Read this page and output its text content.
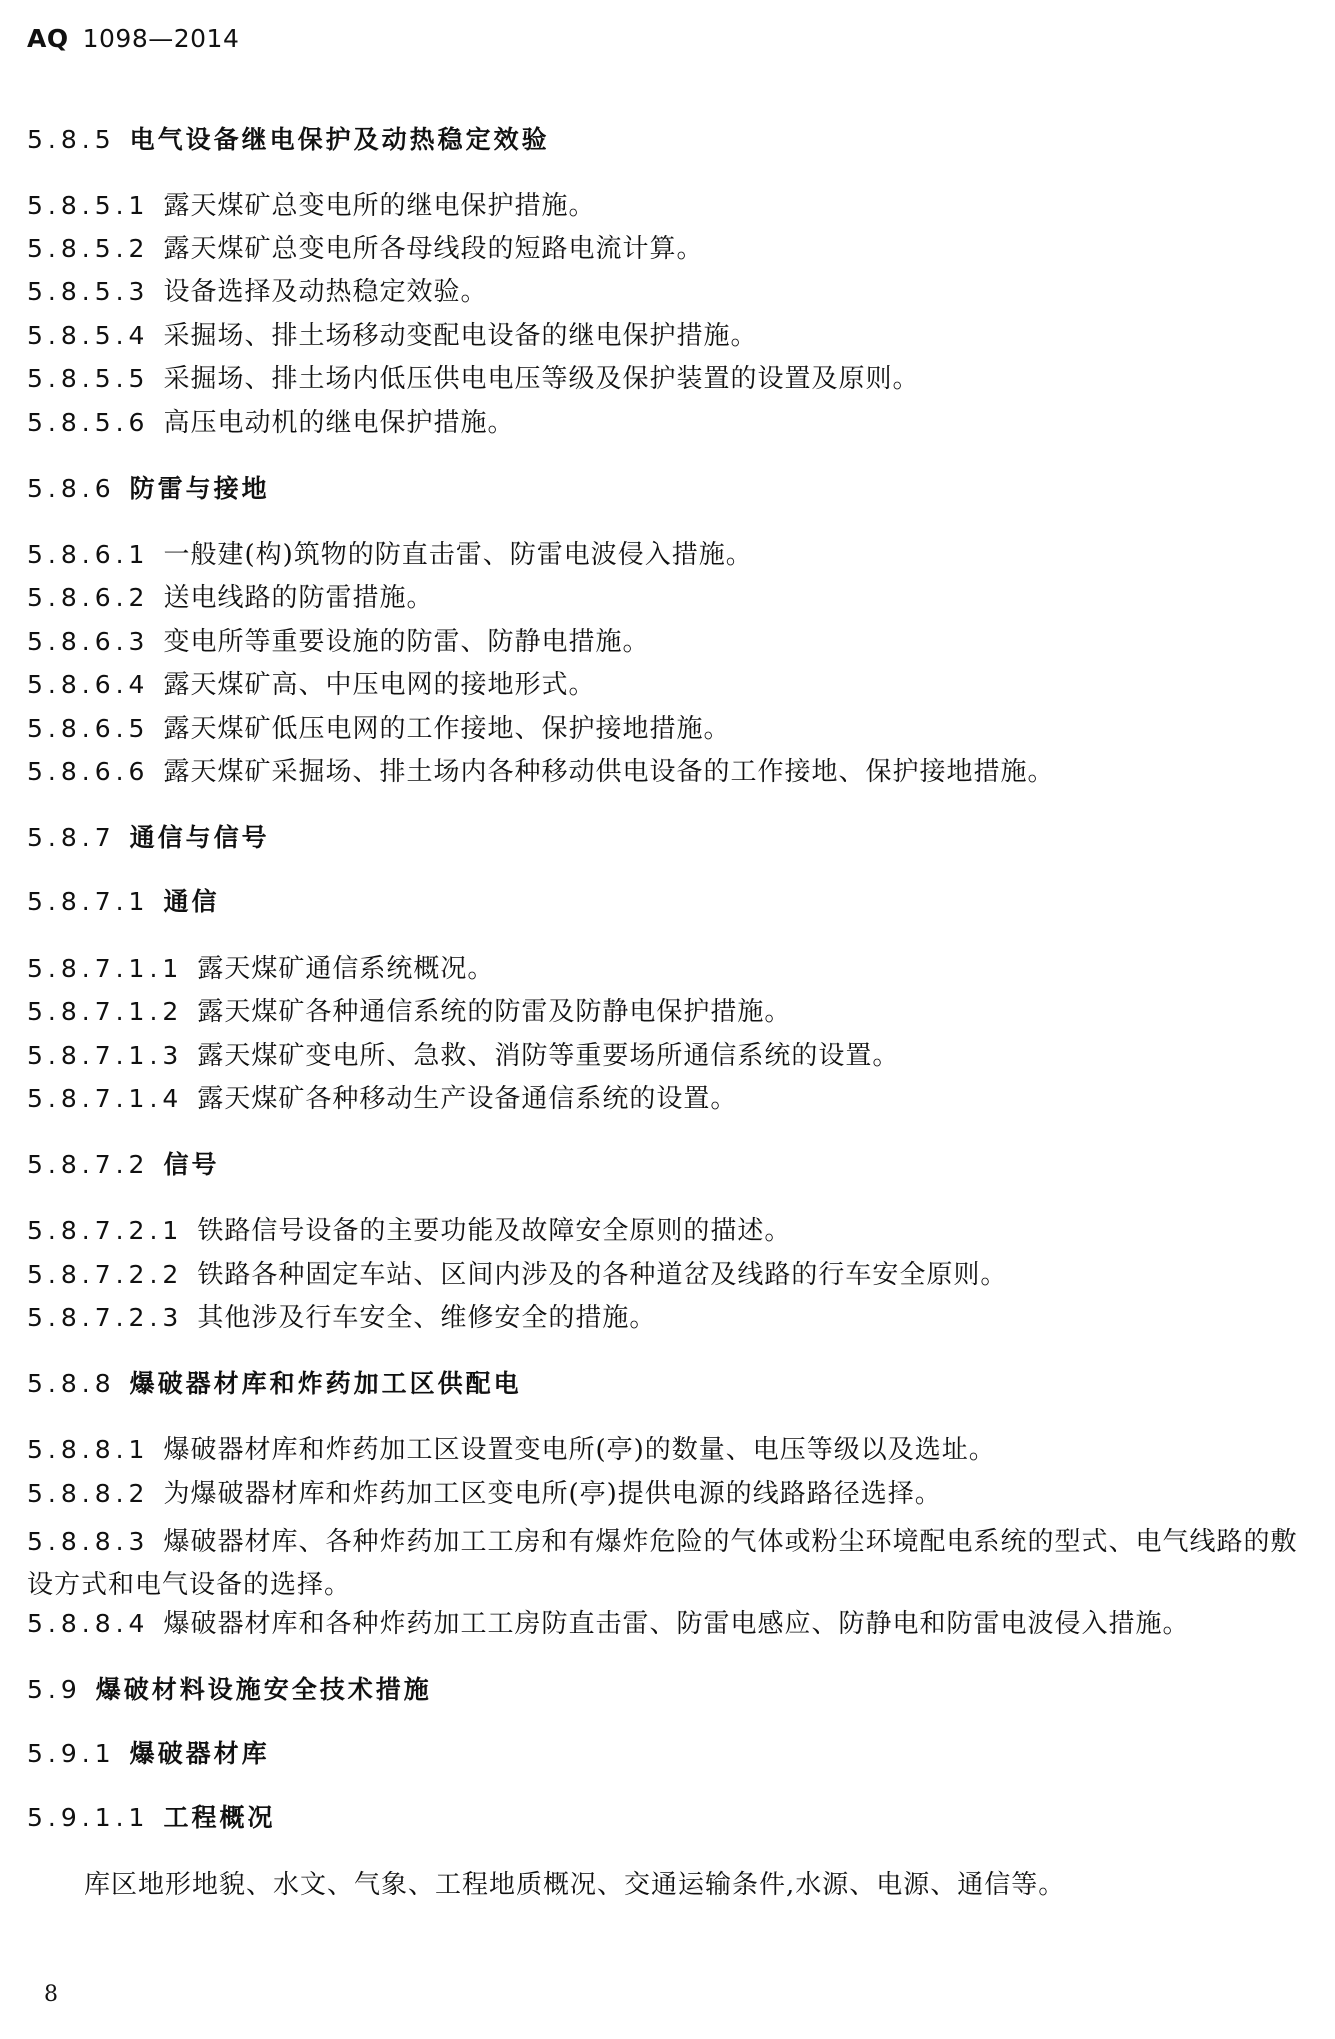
AQ 1098—2014
5.8.5 电气设备继电保护及动热稳定效验
5.8.5.1 露天煤矿总变电所的继电保护措施。
5.8.5.2 露天煤矿总变电所各母线段的短路电流计算。
5.8.5.3 设备选择及动热稳定效验。
5.8.5.4 采掘场、排土场移动变配电设备的继电保护措施。
5.8.5.5 采掘场、排土场内低压供电电压等级及保护装置的设置及原则。
5.8.5.6 高压电动机的继电保护措施。
5.8.6 防雷与接地
5.8.6.1 一般建(构)筑物的防直击雷、防雷电波侵入措施。
5.8.6.2 送电线路的防雷措施。
5.8.6.3 变电所等重要设施的防雷、防静电措施。
5.8.6.4 露天煤矿高、中压电网的接地形式。
5.8.6.5 露天煤矿低压电网的工作接地、保护接地措施。
5.8.6.6 露天煤矿采掘场、排土场内各种移动供电设备的工作接地、保护接地措施。
5.8.7 通信与信号
5.8.7.1 通信
5.8.7.1.1 露天煤矿通信系统概况。
5.8.7.1.2 露天煤矿各种通信系统的防雷及防静电保护措施。
5.8.7.1.3 露天煤矿变电所、急救、消防等重要场所通信系统的设置。
5.8.7.1.4 露天煤矿各种移动生产设备通信系统的设置。
5.8.7.2 信号
5.8.7.2.1 铁路信号设备的主要功能及故障安全原则的描述。
5.8.7.2.2 铁路各种固定车站、区间内涉及的各种道岔及线路的行车安全原则。
5.8.7.2.3 其他涉及行车安全、维修安全的措施。
5.8.8 爆破器材库和炸药加工区供配电
5.8.8.1 爆破器材库和炸药加工区设置变电所(亭)的数量、电压等级以及选址。
5.8.8.2 为爆破器材库和炸药加工区变电所(亭)提供电源的线路路径选择。
5.8.8.3 爆破器材库、各种炸药加工工房和有爆炸危险的气体或粉尘环境配电系统的型式、电气线路的敷设方式和电气设备的选择。
5.8.8.4 爆破器材库和各种炸药加工工房防直击雷、防雷电感应、防静电和防雷电波侵入措施。
5.9 爆破材料设施安全技术措施
5.9.1 爆破器材库
5.9.1.1 工程概况
库区地形地貌、水文、气象、工程地质概况、交通运输条件,水源、电源、通信等。
8
